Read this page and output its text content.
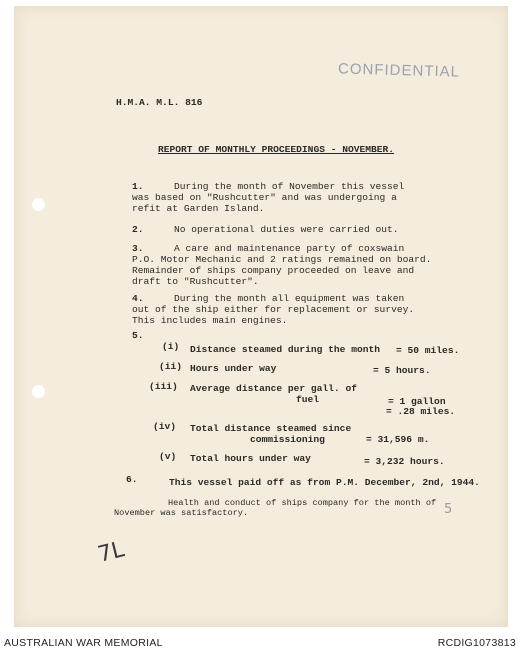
CONFIDENTIAL
H.M.A. M.L. 816
REPORT OF MONTHLY PROCEEDINGS - NOVEMBER.
1.	During the month of November this vessel
was based on "Rushcutter" and was undergoing a
refit at Garden Island.
2.	No operational duties were carried out.
3.	A care and maintenance party of coxswain
P.O. Motor Mechanic and 2 ratings remained on board.
Remainder of ships company proceeded on leave and
draft to "Rushcutter".
4.	During the month all equipment was taken
out of the ship either for replacement or survey.
This includes main engines.
5.
(i) Distance steamed during the month = 50 miles.
(ii) Hours under way	= 5 hours.
(iii) Average distance per gall. of
fuel	= 1 gallon
= .28 miles.
(iv) Total distance steamed since
commissioning	= 31,596 m.
(v) Total hours under way	= 3,232 hours.
6.	This vessel paid off as from P.M. December, 2nd, 1944.
Health and conduct of ships company for the month of
November was satisfactory.
7L
5
AUSTRALIAN WAR MEMORIAL	RCDIG1073813
